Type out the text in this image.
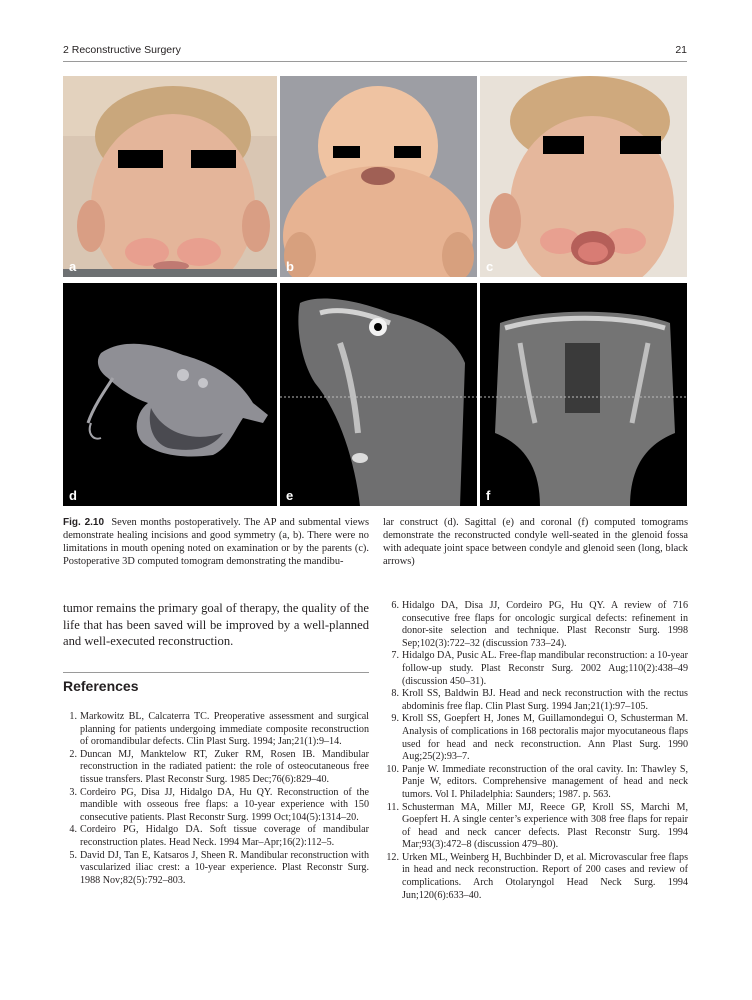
2 Reconstructive Surgery	21
a	b	c
d	e	f
Fig. 2.10 Seven months postoperatively. The AP and submental views demonstrate healing incisions and good symmetry (a, b). There were no limitations in mouth opening noted on examination or by the parents (c). Postoperative 3D computed tomogram demonstrating the mandibu-
lar construct (d). Sagittal (e) and coronal (f) computed tomograms demonstrate the reconstructed condyle well-seated in the glenoid fossa with adequate joint space between condyle and glenoid seen (long, black arrows)
tumor remains the primary goal of therapy, the quality of the life that has been saved will be improved by a well-planned and well-executed reconstruction.
References
1. Markowitz BL, Calcaterra TC. Preoperative assessment and surgical planning for patients undergoing immediate composite reconstruction of oromandibular defects. Clin Plast Surg. 1994; Jan;21(1):9–14.
2. Duncan MJ, Manktelow RT, Zuker RM, Rosen IB. Mandibular reconstruction in the radiated patient: the role of osteocutaneous free tissue transfers. Plast Reconstr Surg. 1985 Dec;76(6):829–40.
3. Cordeiro PG, Disa JJ, Hidalgo DA, Hu QY. Reconstruction of the mandible with osseous free flaps: a 10-year experience with 150 consecutive patients. Plast Reconstr Surg. 1999 Oct;104(5):1314–20.
4. Cordeiro PG, Hidalgo DA. Soft tissue coverage of mandibular reconstruction plates. Head Neck. 1994 Mar–Apr;16(2):112–5.
5. David DJ, Tan E, Katsaros J, Sheen R. Mandibular reconstruction with vascularized iliac crest: a 10-year experience. Plast Reconstr Surg. 1988 Nov;82(5):792–803.
6. Hidalgo DA, Disa JJ, Cordeiro PG, Hu QY. A review of 716 consecutive free flaps for oncologic surgical defects: refinement in donor-site selection and technique. Plast Reconstr Surg. 1998 Sep;102(3):722–32 (discussion 733–24).
7. Hidalgo DA, Pusic AL. Free-flap mandibular reconstruction: a 10-year follow-up study. Plast Reconstr Surg. 2002 Aug;110(2):438–49 (discussion 450–31).
8. Kroll SS, Baldwin BJ. Head and neck reconstruction with the rectus abdominis free flap. Clin Plast Surg. 1994 Jan;21(1):97–105.
9. Kroll SS, Goepfert H, Jones M, Guillamondegui O, Schusterman M. Analysis of complications in 168 pectoralis major myocutaneous flaps used for head and neck reconstruction. Ann Plast Surg. 1990 Aug;25(2):93–7.
10. Panje W. Immediate reconstruction of the oral cavity. In: Thawley S, Panje W, editors. Comprehensive management of head and neck tumors. Vol I. Philadelphia: Saunders; 1987. p. 563.
11. Schusterman MA, Miller MJ, Reece GP, Kroll SS, Marchi M, Goepfert H. A single center’s experience with 308 free flaps for repair of head and neck cancer defects. Plast Reconstr Surg. 1994 Mar;93(3):472–8 (discussion 479–80).
12. Urken ML, Weinberg H, Buchbinder D, et al. Microvascular free flaps in head and neck reconstruction. Report of 200 cases and review of complications. Arch Otolaryngol Head Neck Surg. 1994 Jun;120(6):633–40.
